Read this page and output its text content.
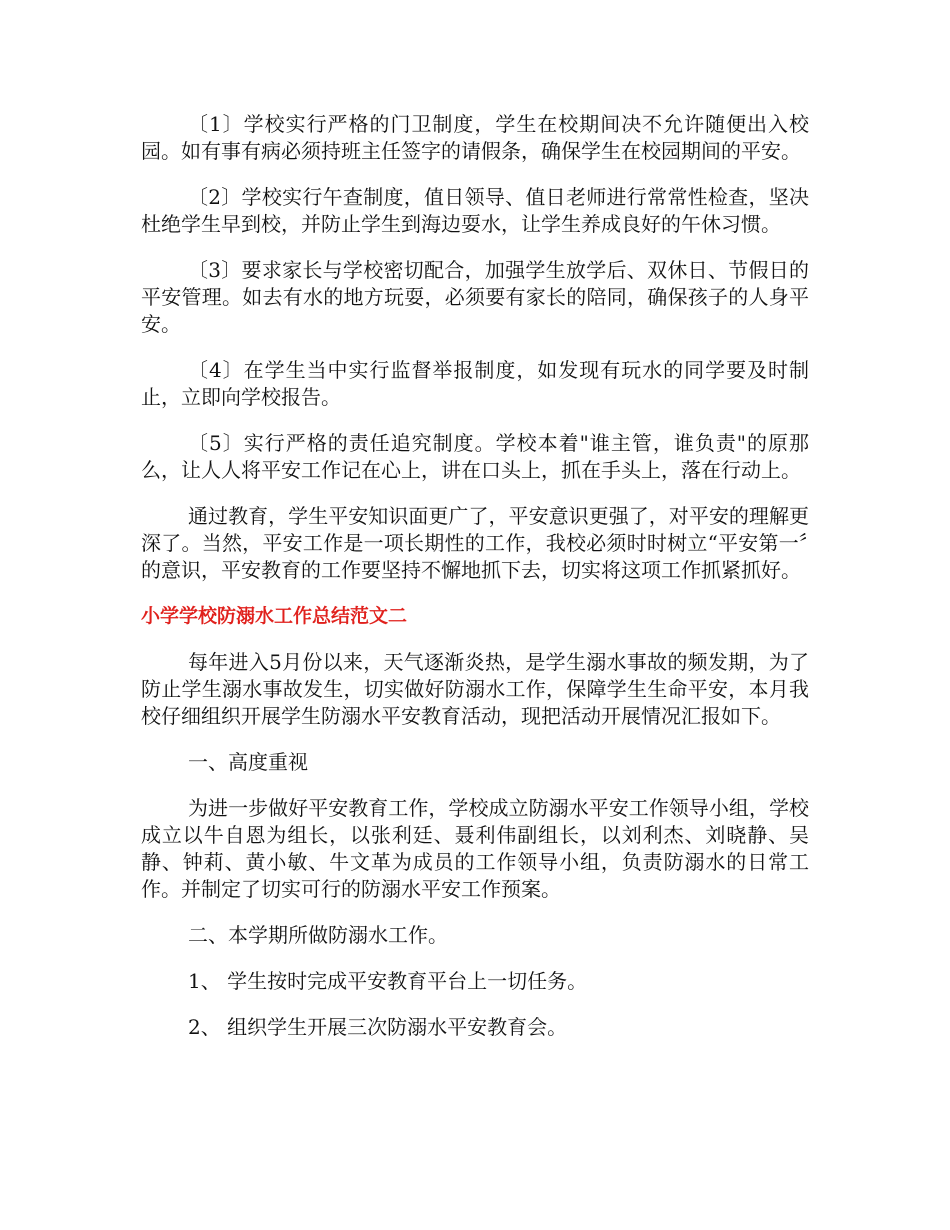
〔1〕学校实行严格的门卫制度，学生在校期间决不允许随便出入校园。如有事有病必须持班主任签字的请假条，确保学生在校园期间的平安。

〔2〕学校实行午查制度，值日领导、值日老师进行常常性检查，坚决杜绝学生早到校，并防止学生到海边耍水，让学生养成良好的午休习惯。

〔3〕要求家长与学校密切配合，加强学生放学后、双休日、节假日的平安管理。如去有水的地方玩耍，必须要有家长的陪同，确保孩子的人身平安。

〔4〕在学生当中实行监督举报制度，如发现有玩水的同学要及时制止，立即向学校报告。

〔5〕实行严格的责任追究制度。学校本着"谁主管，谁负责"的原那么，让人人将平安工作记在心上，讲在口头上，抓在手头上，落在行动上。

通过教育，学生平安知识面更广了，平安意识更强了，对平安的理解更深了。当然，平安工作是一项长期性的工作，我校必须时时树立“平安第一〞的意识，平安教育的工作要坚持不懈地抓下去，切实将这项工作抓紧抓好。

小学学校防溺水工作总结范文二

每年进入5月份以来，天气逐渐炎热，是学生溺水事故的频发期，为了防止学生溺水事故发生，切实做好防溺水工作，保障学生生命平安，本月我校仔细组织开展学生防溺水平安教育活动，现把活动开展情况汇报如下。

一、高度重视

为进一步做好平安教育工作，学校成立防溺水平安工作领导小组，学校成立以牛自恩为组长，以张利廷、聂利伟副组长，以刘利杰、刘晓静、吴静、钟莉、黄小敏、牛文革为成员的工作领导小组，负责防溺水的日常工作。并制定了切实可行的防溺水平安工作预案。

二、本学期所做防溺水工作。

1、 学生按时完成平安教育平台上一切任务。

2、 组织学生开展三次防溺水平安教育会。
